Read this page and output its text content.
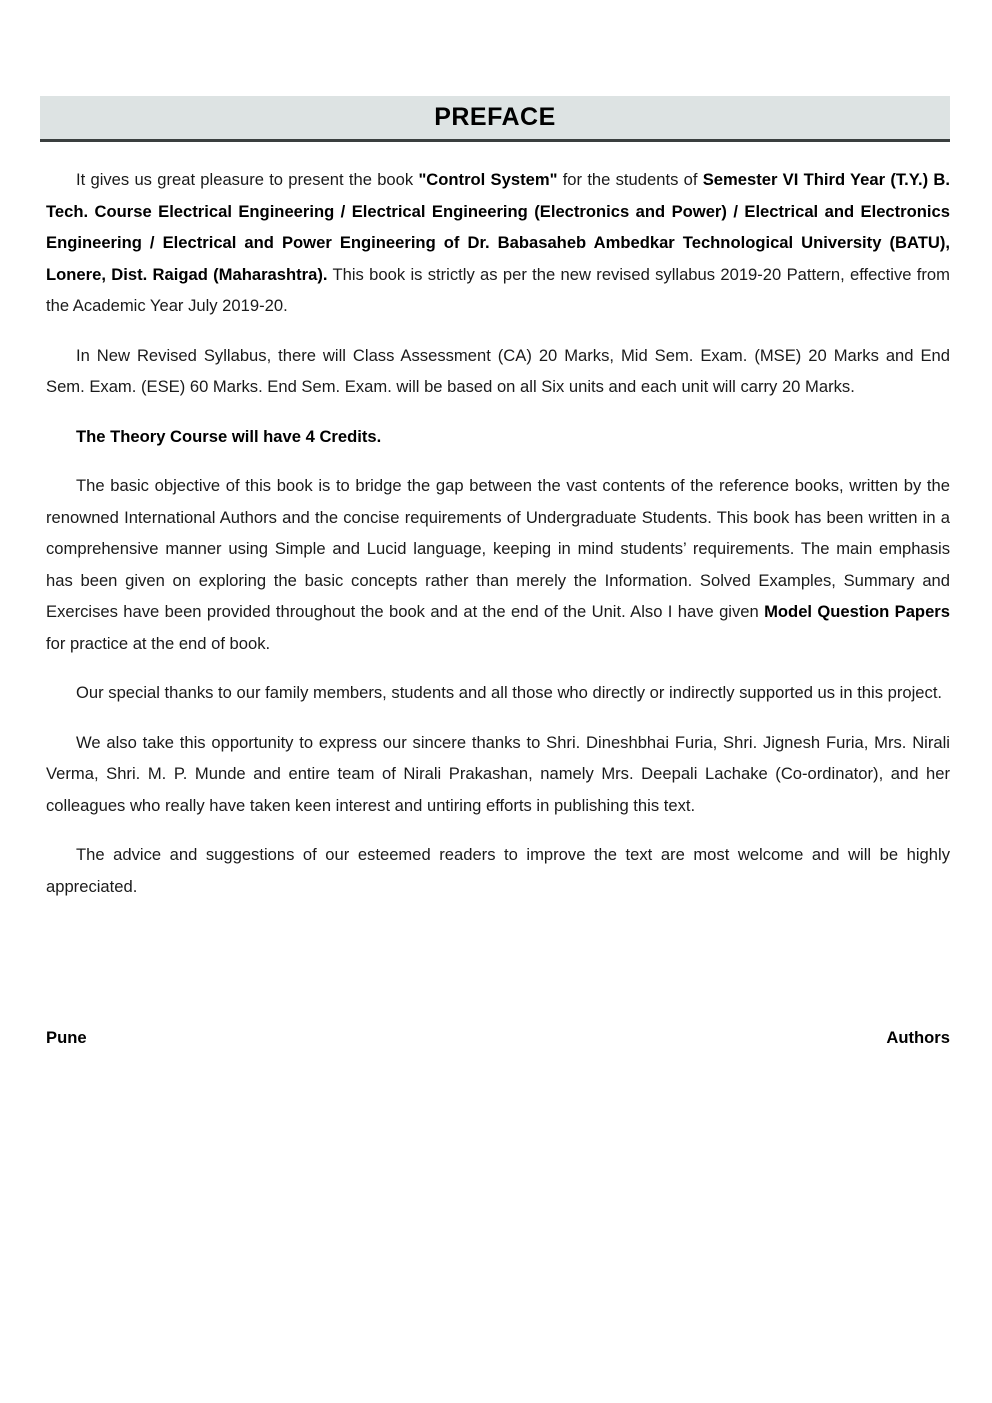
PREFACE

It gives us great pleasure to present the book "Control System" for the students of Semester VI Third Year (T.Y.) B. Tech. Course Electrical Engineering / Electrical Engineering (Electronics and Power) / Electrical and Electronics Engineering / Electrical and Power Engineering of Dr. Babasaheb Ambedkar Technological University (BATU), Lonere, Dist. Raigad (Maharashtra). This book is strictly as per the new revised syllabus 2019-20 Pattern, effective from the Academic Year July 2019-20.

In New Revised Syllabus, there will Class Assessment (CA) 20 Marks, Mid Sem. Exam. (MSE) 20 Marks and End Sem. Exam. (ESE) 60 Marks. End Sem. Exam. will be based on all Six units and each unit will carry 20 Marks.

The Theory Course will have 4 Credits.

The basic objective of this book is to bridge the gap between the vast contents of the reference books, written by the renowned International Authors and the concise requirements of Undergraduate Students. This book has been written in a comprehensive manner using Simple and Lucid language, keeping in mind students’ requirements. The main emphasis has been given on exploring the basic concepts rather than merely the Information. Solved Examples, Summary and Exercises have been provided throughout the book and at the end of the Unit. Also I have given Model Question Papers for practice at the end of book.

Our special thanks to our family members, students and all those who directly or indirectly supported us in this project.

We also take this opportunity to express our sincere thanks to Shri. Dineshbhai Furia, Shri. Jignesh Furia, Mrs. Nirali Verma, Shri. M. P. Munde and entire team of Nirali Prakashan, namely Mrs. Deepali Lachake (Co-ordinator), and her colleagues who really have taken keen interest and untiring efforts in publishing this text.

The advice and suggestions of our esteemed readers to improve the text are most welcome and will be highly appreciated.

Pune	Authors
